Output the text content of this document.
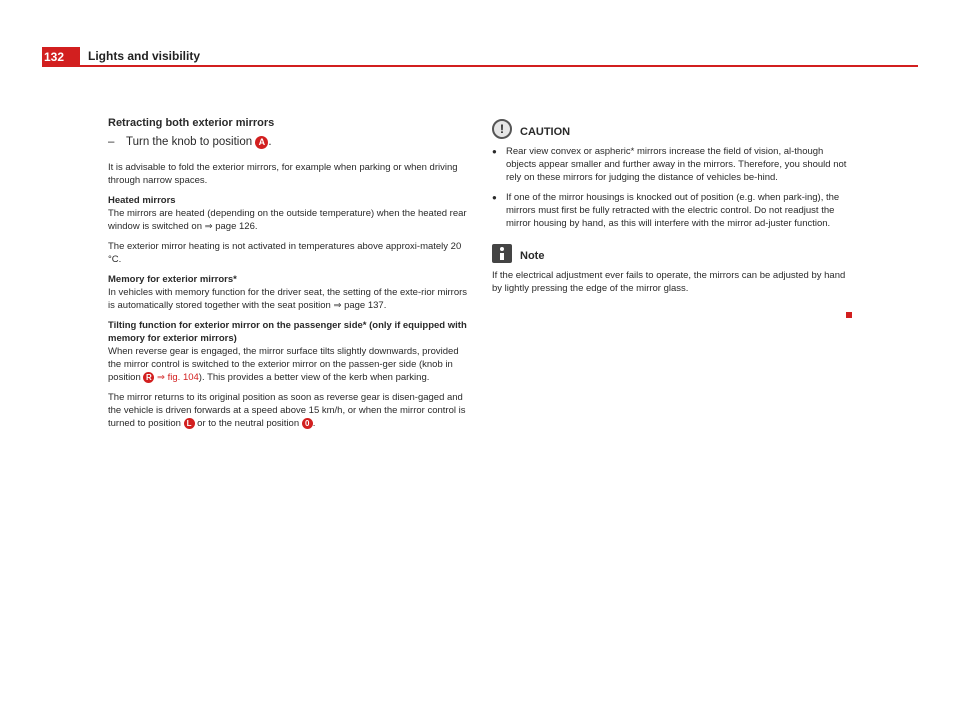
132	Lights and visibility

Retracting both exterior mirrors

– Turn the knob to position A .

It is advisable to fold the exterior mirrors, for example when parking or when driving through narrow spaces.

Heated mirrors

The mirrors are heated (depending on the outside temperature) when the heated rear window is switched on ⇒ page 126.

The exterior mirror heating is not activated in temperatures above approxi-mately 20 °C.

Memory for exterior mirrors*

In vehicles with memory function for the driver seat, the setting of the exte-rior mirrors is automatically stored together with the seat position ⇒ page 137.

Tilting function for exterior mirror on the passenger side* (only if equipped with memory for exterior mirrors)

When reverse gear is engaged, the mirror surface tilts slightly downwards, provided the mirror control is switched to the exterior mirror on the passen-ger side (knob in position R ⇒ fig. 104). This provides a better view of the kerb when parking.

The mirror returns to its original position as soon as reverse gear is disen-gaged and the vehicle is driven forwards at a speed above 15 km/h, or when the mirror control is turned to position L or to the neutral position 0 .

!	CAUTION
● Rear view convex or aspheric* mirrors increase the field of vision, al-though objects appear smaller and further away in the mirrors. Therefore, you should not rely on these mirrors for judging the distance of vehicles be-hind.
● If one of the mirror housings is knocked out of position (e.g. when park-ing), the mirrors must first be fully retracted with the electric control. Do not readjust the mirror housing by hand, as this will interfere with the mirror ad-juster function.
Note

If the electrical adjustment ever fails to operate, the mirrors can be adjusted by hand by lightly pressing the edge of the mirror glass.
